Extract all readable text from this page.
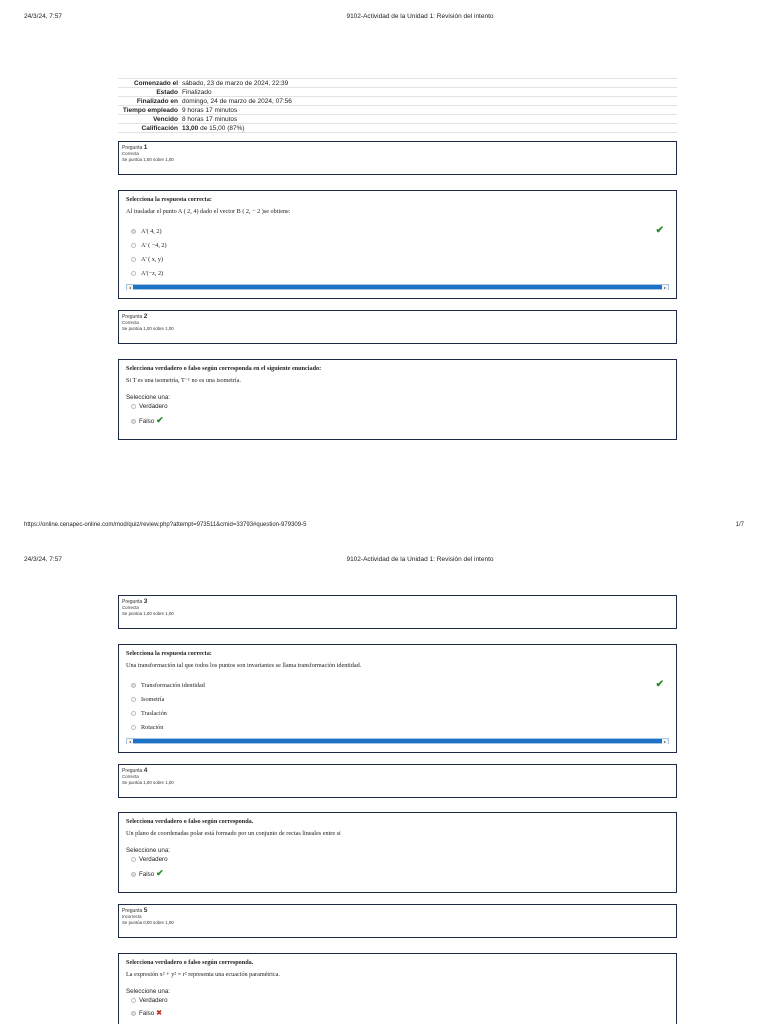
24/3/24, 7:57	9102-Actividad de la Unidad 1: Revisión del intento
Comenzado el	sábado, 23 de marzo de 2024, 22:39
Estado	Finalizado
Finalizado en	domingo, 24 de marzo de 2024, 07:56
Tiempo empleado	9 horas 17 minutos
Vencido	8 horas 17 minutos
Calificación	13,00 de 15,00 (87%)
Pregunta 1
Correcta
Se puntúa 1,00 sobre 1,00
Selecciona la respuesta correcta:
Al trasladar el punto A ( 2, 4) dado el vector B ( 2, − 2 )se obtiene:
A'( 4, 2)	✔
A' ( −4, 2)
A' ( x, y)
A'(−z, 2)
◂	▸
Pregunta 2
Correcta
Se puntúa 1,00 sobre 1,00
Selecciona verdadero o falso según corresponda en el siguiente enunciado:
Si T es una isometría, T⁻¹ no es una isometría.
Seleccione una:
Verdadero
Falso ✔
https://online.cenapec-online.com/mod/quiz/review.php?attempt=973511&cmid=33793#question-979309-5	1/7
24/3/24, 7:57	9102-Actividad de la Unidad 1: Revisión del intento
Pregunta 3
Correcta
Se puntúa 1,00 sobre 1,00
Selecciona la respuesta correcta:
Una transformación tal que todos los puntos son invariantes se llama transformación identidad.
Transformación identidad	✔
Isometría
Traslación
Rotación
◂	▸
Pregunta 4
Correcta
Se puntúa 1,00 sobre 1,00
Selecciona verdadero o falso según corresponda.
Un plano de coordenadas polar está formado por un conjunto de rectas lineales entre si
Seleccione una:
Verdadero
Falso ✔
Pregunta 5
Incorrecta
Se puntúa 0,00 sobre 1,00
Selecciona verdadero o falso según corresponda.
La expresión x² + y² = r² representa una ecuación paramétrica.
Seleccione una:
Verdadero
Falso ✖
